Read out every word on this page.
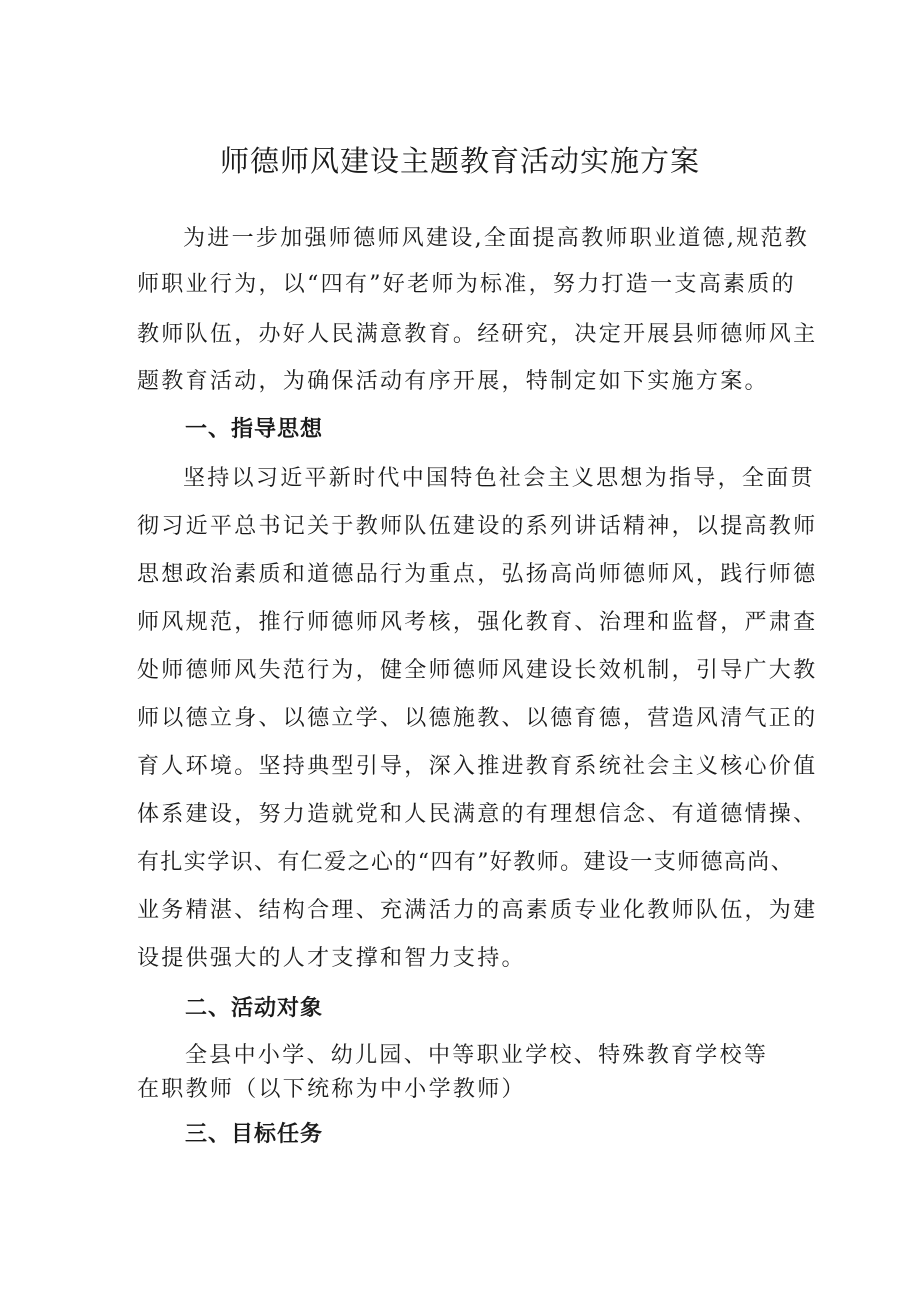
师德师风建设主题教育活动实施方案

为进一步加强师德师风建设,全面提高教师职业道德,规范教

师职业行为，以“四有”好老师为标准，努力打造一支高素质的

教师队伍，办好人民满意教育。经研究，决定开展县师德师风主

题教育活动，为确保活动有序开展，特制定如下实施方案。

一、指导思想

坚持以习近平新时代中国特色社会主义思想为指导，全面贯

彻习近平总书记关于教师队伍建设的系列讲话精神，以提高教师

思想政治素质和道德品行为重点，弘扬高尚师德师风，践行师德

师风规范，推行师德师风考核，强化教育、治理和监督，严肃查

处师德师风失范行为，健全师德师风建设长效机制，引导广大教

师以德立身、以德立学、以德施教、以德育德，营造风清气正的

育人环境。坚持典型引导，深入推进教育系统社会主义核心价值

体系建设，努力造就党和人民满意的有理想信念、有道德情操、

有扎实学识、有仁爱之心的“四有”好教师。建设一支师德高尚、

业务精湛、结构合理、充满活力的高素质专业化教师队伍，为建

设提供强大的人才支撑和智力支持。

二、活动对象

全县中小学、幼儿园、中等职业学校、特殊教育学校等

在职教师（以下统称为中小学教师）

三、目标任务
